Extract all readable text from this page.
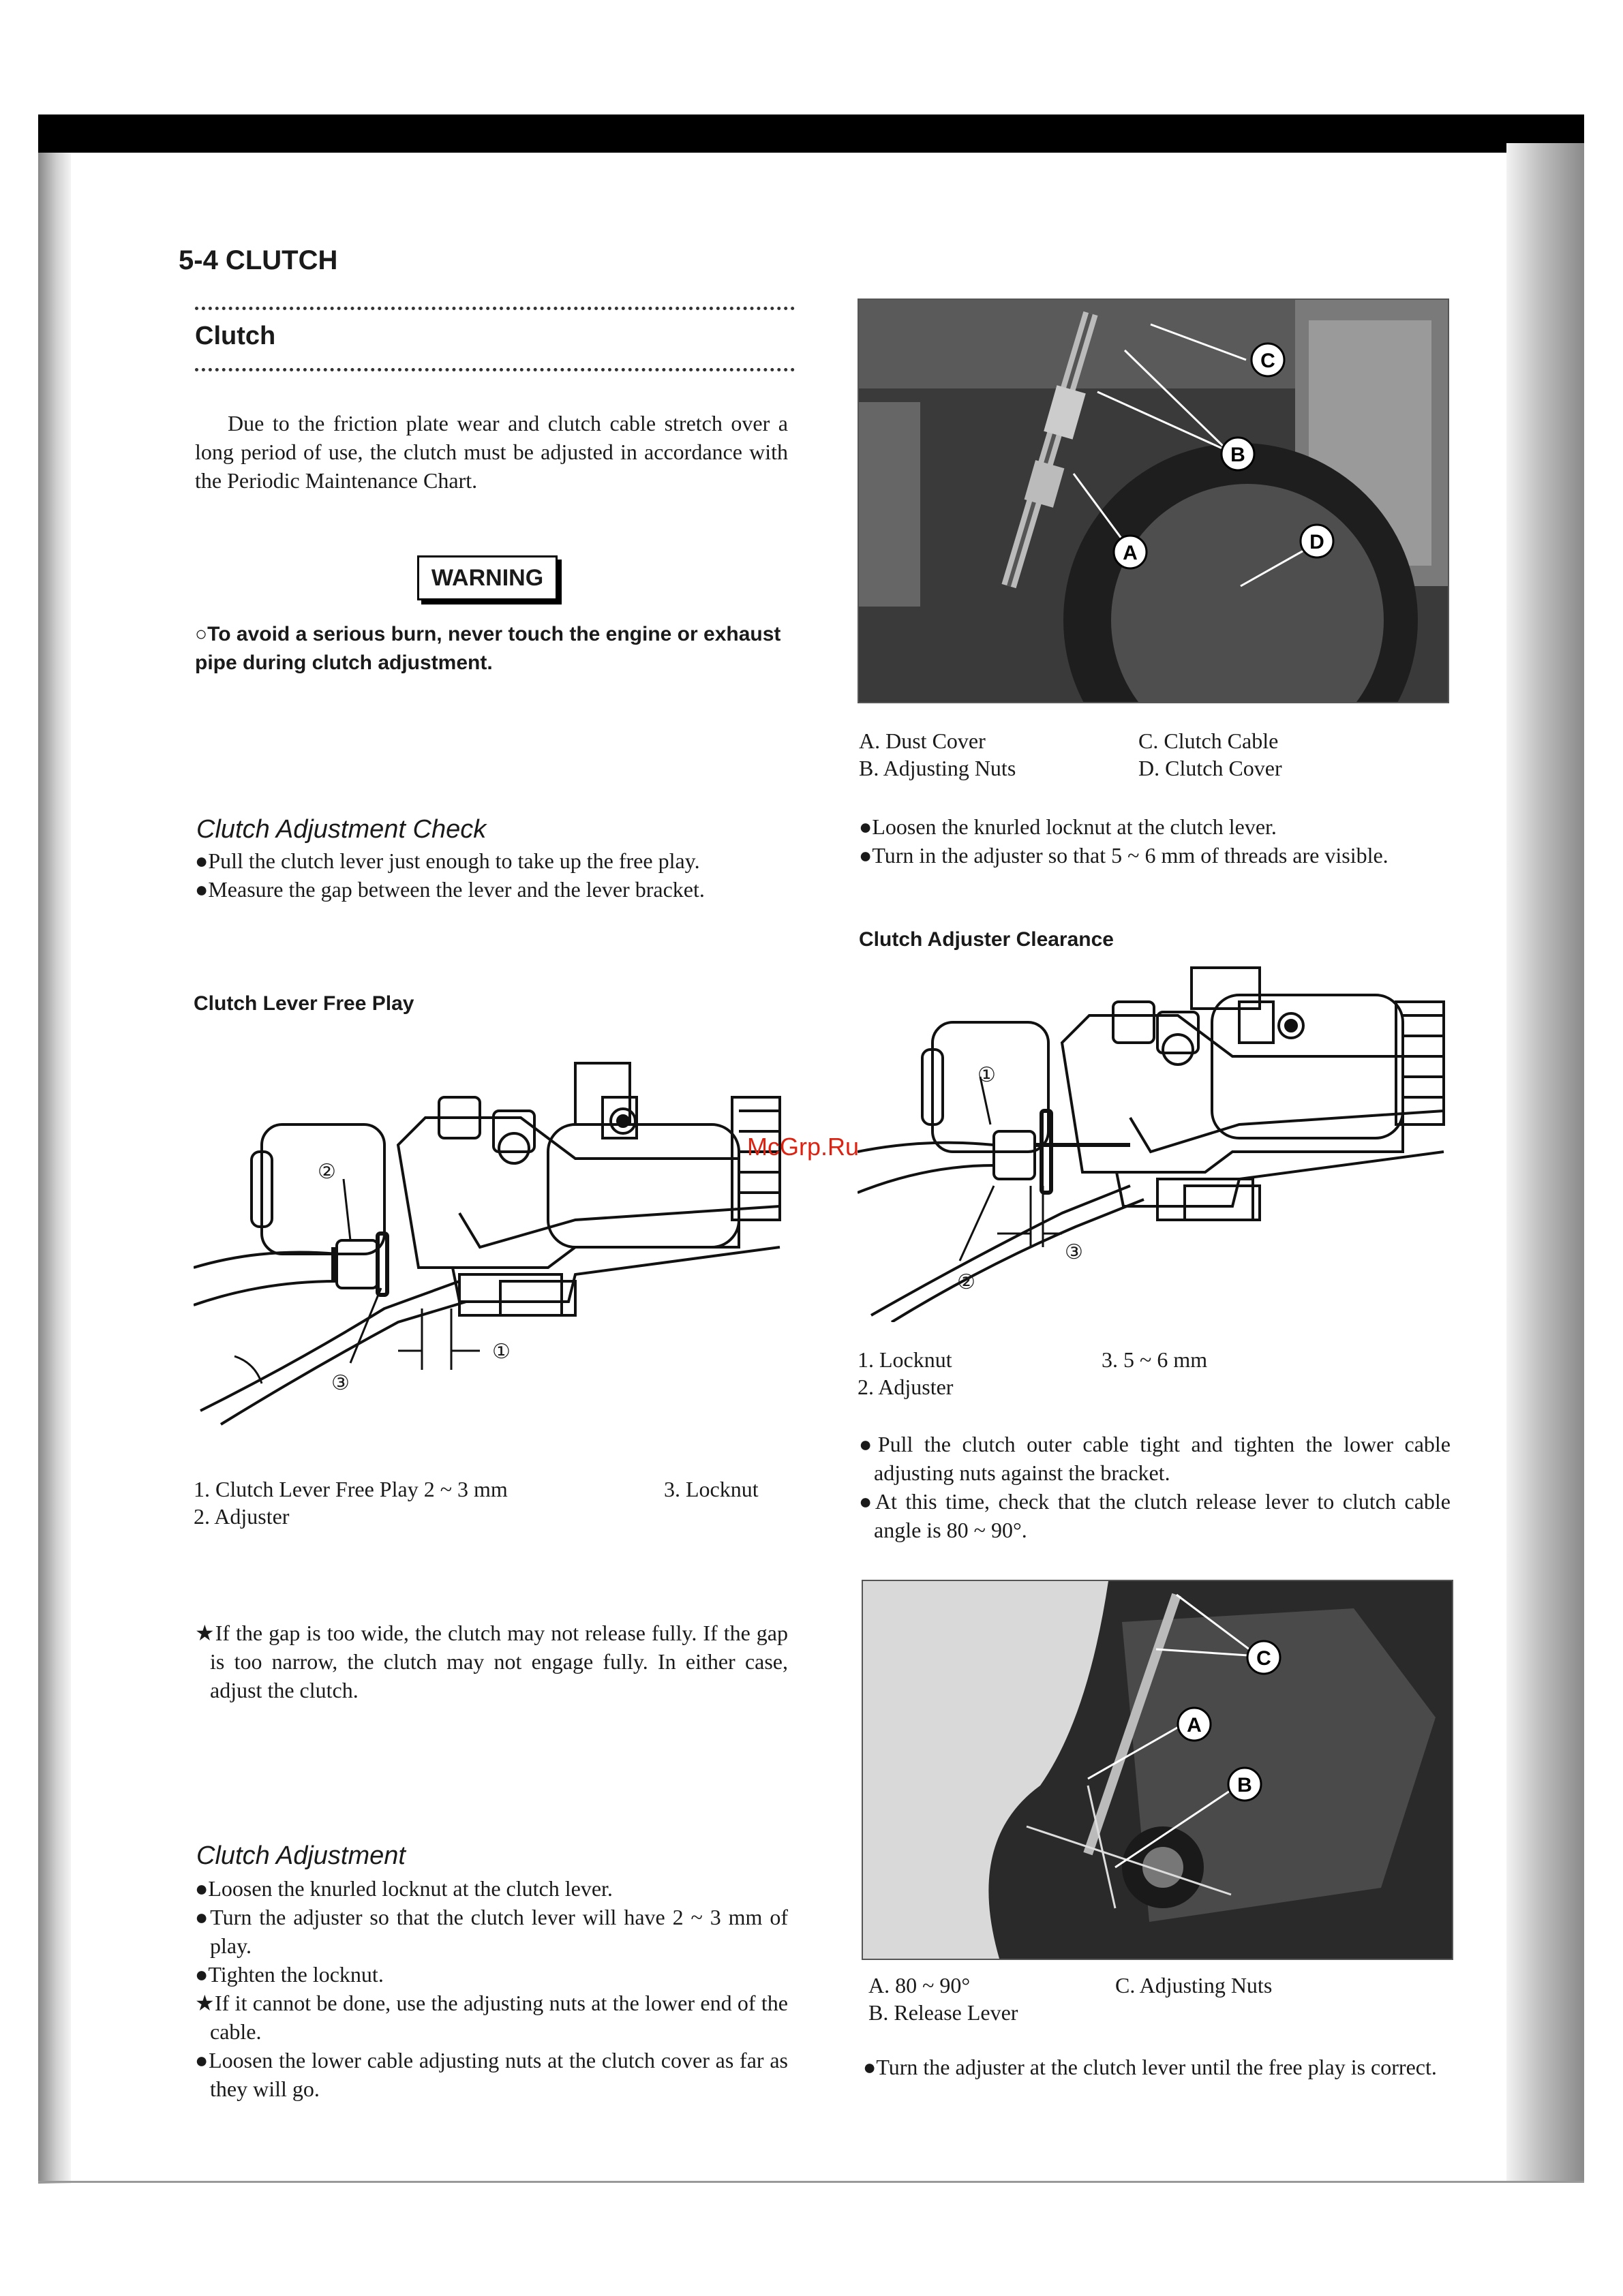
5-4 CLUTCH
Clutch
Due to the friction plate wear and clutch cable stretch over a long period of use, the clutch must be adjusted in accordance with the Periodic Maintenance Chart.
WARNING
○To avoid a serious burn, never touch the engine or exhaust pipe during clutch adjustment.
Clutch Adjustment Check
●Pull the clutch lever just enough to take up the free play.
●Measure the gap between the lever and the lever bracket.
Clutch Lever Free Play
②
③
①
1. Clutch Lever Free Play 2 ~ 3 mm	3. Locknut
2. Adjuster
★If the gap is too wide, the clutch may not release fully. If the gap is too narrow, the clutch may not engage fully. In either case, adjust the clutch.
Clutch Adjustment
●Loosen the knurled locknut at the clutch lever.
●Turn the adjuster so that the clutch lever will have 2 ~ 3 mm of play.
●Tighten the locknut.
★If it cannot be done, use the adjusting nuts at the lower end of the cable.
●Loosen the lower cable adjusting nuts at the clutch cover as far as they will go.
C
B
A	D
A. Dust Cover	C. Clutch Cable
B. Adjusting Nuts	D. Clutch Cover
●Loosen the knurled locknut at the clutch lever.
●Turn in the adjuster so that 5 ~ 6 mm of threads are visible.
Clutch Adjuster Clearance
①
②
③
1. Locknut	3. 5 ~ 6 mm
2. Adjuster
●Pull the clutch outer cable tight and tighten the lower cable adjusting nuts against the bracket.
●At this time, check that the clutch release lever to clutch cable angle is 80 ~ 90°.
C
A
B
A. 80 ~ 90°	C. Adjusting Nuts
B. Release Lever
●Turn the adjuster at the clutch lever until the free play is correct.
McGrp.Ru
